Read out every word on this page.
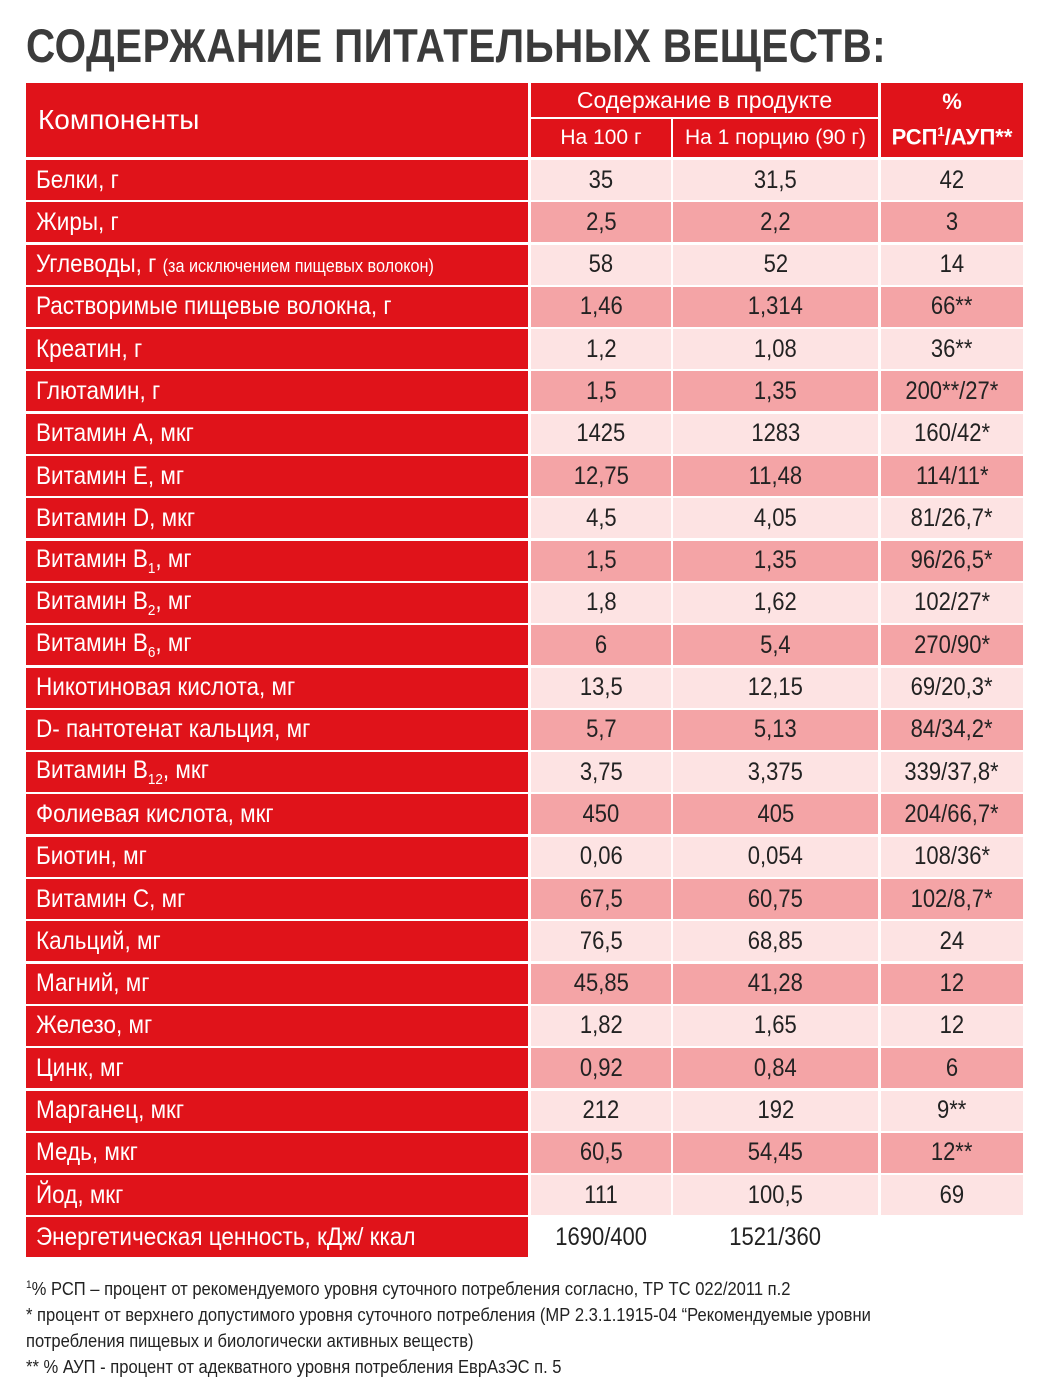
СОДЕРЖАНИЕ ПИТАТЕЛЬНЫХ ВЕЩЕСТВ:
Компоненты
Содержание в продукте	%
РСП$^1$/АУП**
На 100 г	На 1 порцию (90 г)
Белки, г	35	31,5	42
Жиры, г	2,5	2,2	3
Углеводы, г (за исключением пищевых волокон)	58	52	14
Растворимые пищевые волокна, г	1,46	1,314	66**
Креатин, г	1,2	1,08	36**
Глютамин, г	1,5	1,35	200**/27*
Витамин А, мкг	1425	1283	160/42*
Витамин Е, мг	12,75	11,48	114/11*
Витамин D, мкг	4,5	4,05	81/26,7*
Витамин $B_1$, мг	1,5	1,35	96/26,5*
Витамин $B_2$, мг	1,8	1,62	102/27*
Витамин $B_6$, мг	6	5,4	270/90*
Никотиновая кислота, мг	13,5	12,15	69/20,3*
D- пантотенат кальция, мг	5,7	5,13	84/34,2*
Витамин $B_{12}$, мкг	3,75	3,375	339/37,8*
Фолиевая кислота, мкг	450	405	204/66,7*
Биотин, мг	0,06	0,054	108/36*
Витамин С, мг	67,5	60,75	102/8,7*
Кальций, мг	76,5	68,85	24
Магний, мг	45,85	41,28	12
Железо, мг	1,82	1,65	12
Цинк, мг	0,92	0,84	6
Марганец, мкг	212	192	9**
Медь, мкг	60,5	54,45	12**
Йод, мкг	111	100,5	69
Энергетическая ценность, кДж/ ккал	1690/400	1521/360

$^1$% РСП – процент от рекомендуемого уровня суточного потребления согласно, ТР ТС 022/2011 п.2

* процент от верхнего допустимого уровня суточного потребления (МР 2.3.1.1915-04 “Рекомендуемые уровни

потребления пищевых и биологически активных веществ)

** % АУП - процент от адекватного уровня потребления ЕврАзЭС п. 5
